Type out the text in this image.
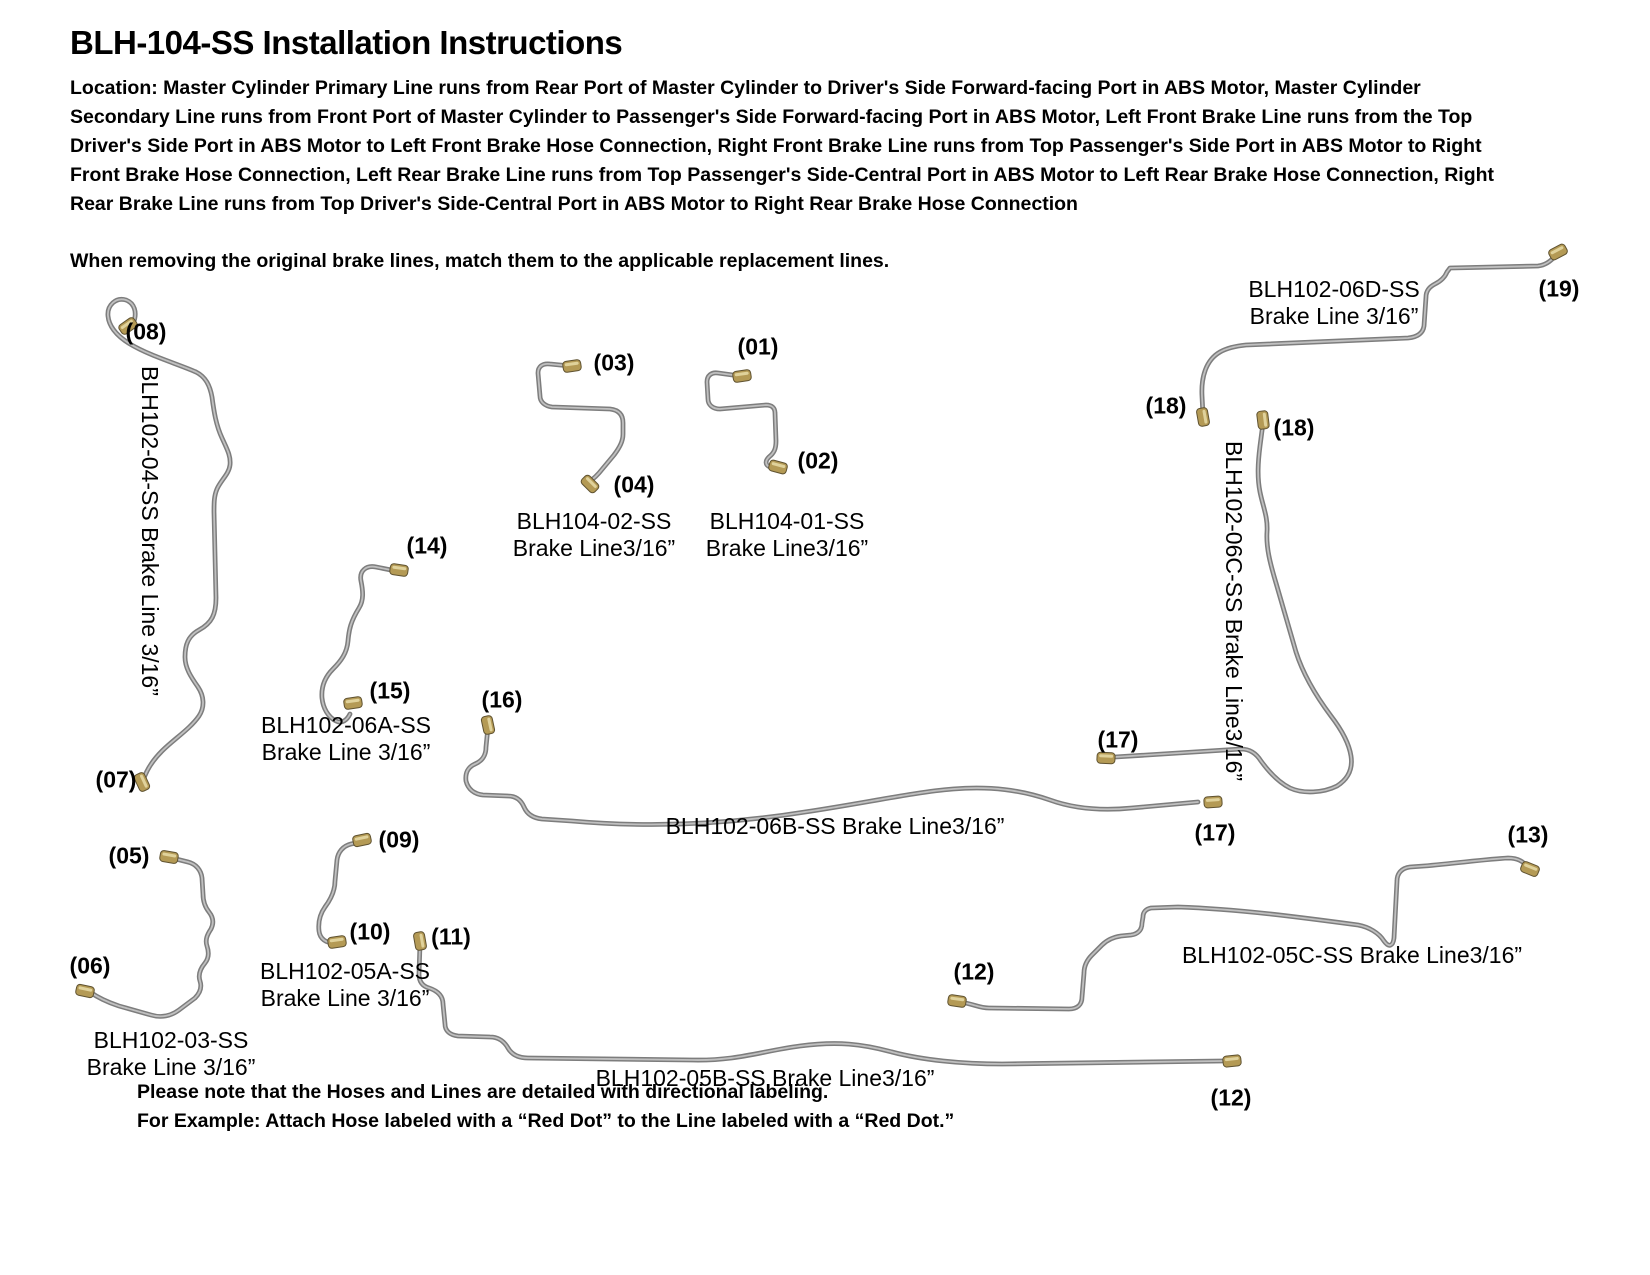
BLH-104-SS Installation Instructions

Location: Master Cylinder Primary Line runs from Rear Port of Master Cylinder to Driver's Side Forward-facing Port in ABS Motor, Master Cylinder Secondary Line runs from Front Port of Master Cylinder to Passenger's Side Forward-facing Port in ABS Motor, Left Front Brake Line runs from the Top Driver's Side Port in ABS Motor to Left Front Brake Hose Connection, Right Front Brake Line runs from Top Passenger's Side Port in ABS Motor to Right Front Brake Hose Connection, Left Rear Brake Line runs from Top Passenger's Side-Central Port in ABS Motor to Left Rear Brake Hose Connection, Right Rear Brake Line runs from Top Driver's Side-Central Port in ABS Motor to Right Rear Brake Hose Connection

When removing the original brake lines, match them to the applicable replacement lines.

(08)
(07)
(03)
(04)
(01)
(02)
(19)
(18)
(18)
(14)
(15)	(16)
(17)
(17)	(13)
(05)
(06)
(09)
(10) (11)
(12)
(12)
BLH102-04-SS Brake Line 3/16”	BLH104-02-SS
Brake Line3/16”
BLH104-01-SS
Brake Line3/16”
BLH102-06D-SS
Brake Line 3/16”
BLH102-06C-SS Brake Line3/16”
BLH102-06A-SS
Brake Line 3/16”
BLH102-06B-SS Brake Line3/16”
BLH102-03-SS
Brake Line 3/16”
BLH102-05A-SS
Brake Line 3/16”
BLH102-05B-SS Brake Line3/16”
BLH102-05C-SS Brake Line3/16”

Please note that the Hoses and Lines are detailed with directional labeling.

For Example: Attach Hose labeled with a “Red Dot” to the Line labeled with a “Red Dot.”
